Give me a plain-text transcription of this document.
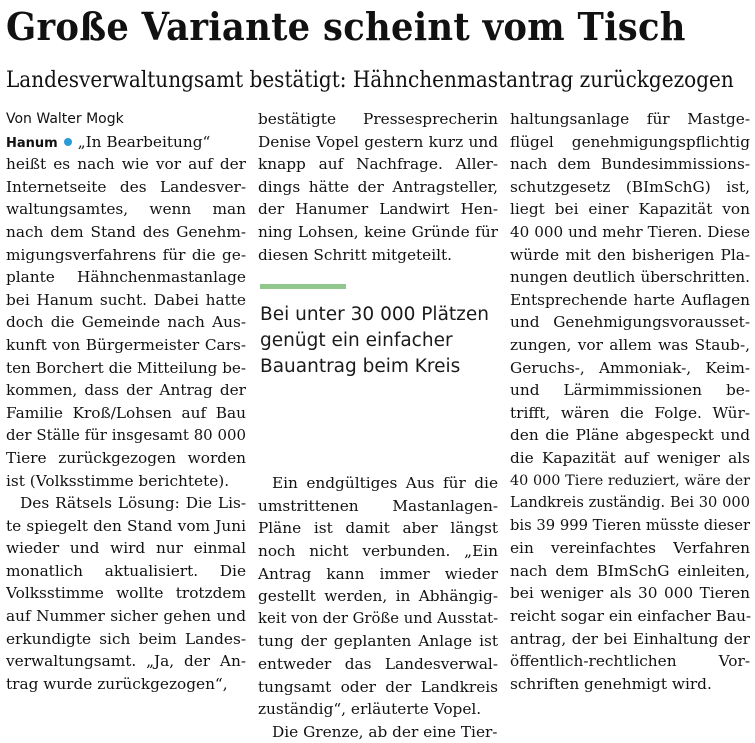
Große Variante scheint vom Tisch
Landesverwaltungsamt bestätigt: Hähnchenmastantrag zurückgezogen
Von Walter Mogk
Hanum „In Bearbeitung“
heißt es nach wie vor auf der
Internetseite des Landesver-
waltungsamtes, wenn man
nach dem Stand des Genehm-
migungsverfahrens für die ge-
plante Hähnchenmastanlage
bei Hanum sucht. Dabei hatte
doch die Gemeinde nach Aus-
kunft von Bürgermeister Cars-
ten Borchert die Mitteilung be-
kommen, dass der Antrag der
Familie Kroß/Lohsen auf Bau
der Ställe für insgesamt 80 000
Tiere zurückgezogen worden
ist (Volksstimme berichtete).
Des Rätsels Lösung: Die Lis-
te spiegelt den Stand vom Juni
wieder und wird nur einmal
monatlich aktualisiert. Die
Volksstimme wollte trotzdem
auf Nummer sicher gehen und
erkundigte sich beim Landes-
verwaltungsamt. „Ja, der An-
trag wurde zurückgezogen“,
bestätigte Pressesprecherin
Denise Vopel gestern kurz und
knapp auf Nachfrage. Aller-
dings hätte der Antragsteller,
der Hanumer Landwirt Hen-
ning Lohsen, keine Gründe für
diesen Schritt mitgeteilt.
Bei unter 30 000 Plätzen
genügt ein einfacher
Bauantrag beim Kreis
Ein endgültiges Aus für die
umstrittenen Mastanlagen-
Pläne ist damit aber längst
noch nicht verbunden. „Ein
Antrag kann immer wieder
gestellt werden, in Abhängig-
keit von der Größe und Ausstat-
tung der geplanten Anlage ist
entweder das Landesverwal-
tungsamt oder der Landkreis
zuständig“, erläuterte Vopel.
Die Grenze, ab der eine Tier-
haltungsanlage für Mastge-
flügel genehmigungspflichtig
nach dem Bundesimmissions-
schutzgesetz (BImSchG) ist,
liegt bei einer Kapazität von
40 000 und mehr Tieren. Diese
würde mit den bisherigen Pla-
nungen deutlich überschritten.
Entsprechende harte Auflagen
und Genehmigungsvorausset-
zungen, vor allem was Staub-,
Geruchs-, Ammoniak-, Keim-
und Lärmimmissionen be-
trifft, wären die Folge. Wür-
den die Pläne abgespeckt und
die Kapazität auf weniger als
40 000 Tiere reduziert, wäre der
Landkreis zuständig. Bei 30 000
bis 39 999 Tieren müsste dieser
ein vereinfachtes Verfahren
nach dem BImSchG einleiten,
bei weniger als 30 000 Tieren
reicht sogar ein einfacher Bau-
antrag, der bei Einhaltung der
öffentlich-rechtlichen Vor-
schriften genehmigt wird.
